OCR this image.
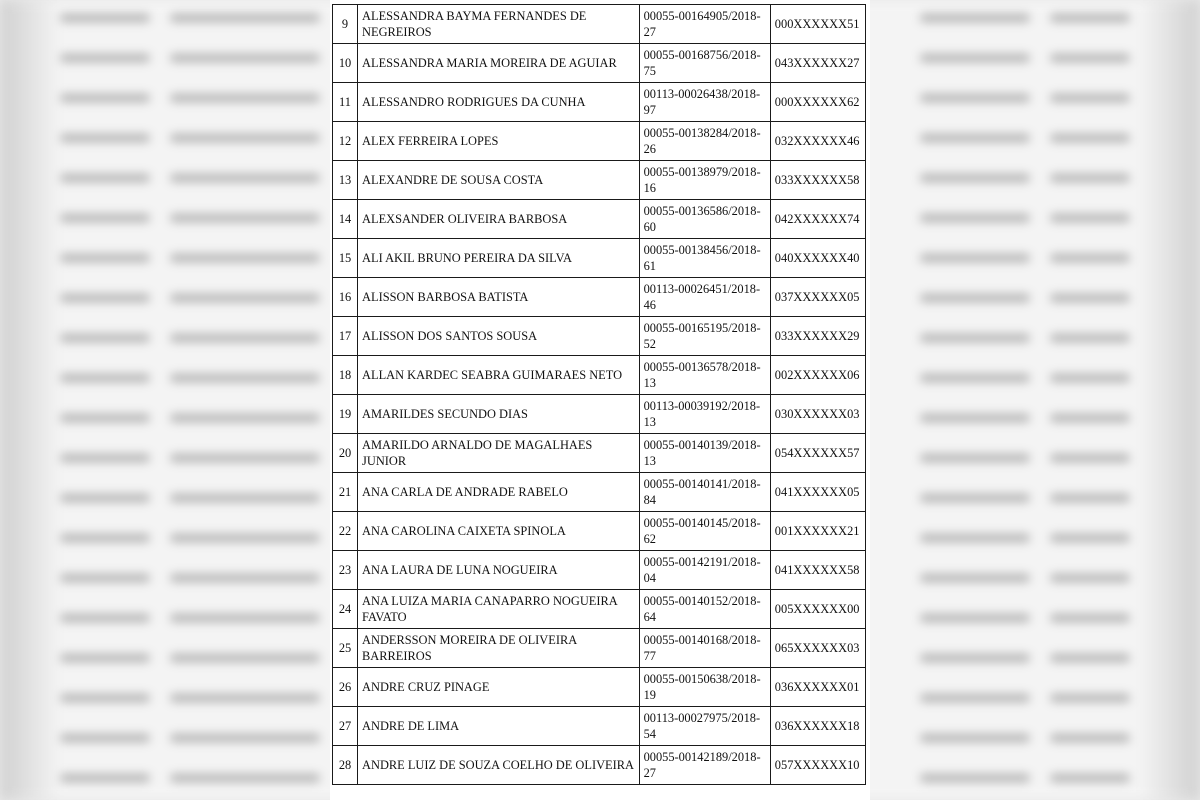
9	ALESSANDRA BAYMA FERNANDES DE NEGREIROS	00055-00164905/2018-27	000XXXXXX51
10	ALESSANDRA MARIA MOREIRA DE AGUIAR	00055-00168756/2018-75	043XXXXXX27
11	ALESSANDRO RODRIGUES DA CUNHA	00113-00026438/2018-97	000XXXXXX62
12	ALEX FERREIRA LOPES	00055-00138284/2018-26	032XXXXXX46
13	ALEXANDRE DE SOUSA COSTA	00055-00138979/2018-16	033XXXXXX58
14	ALEXSANDER OLIVEIRA BARBOSA	00055-00136586/2018-60	042XXXXXX74
15	ALI AKIL BRUNO PEREIRA DA SILVA	00055-00138456/2018-61	040XXXXXX40
16	ALISSON BARBOSA BATISTA	00113-00026451/2018-46	037XXXXXX05
17	ALISSON DOS SANTOS SOUSA	00055-00165195/2018-52	033XXXXXX29
18	ALLAN KARDEC SEABRA GUIMARAES NETO	00055-00136578/2018-13	002XXXXXX06
19	AMARILDES SECUNDO DIAS	00113-00039192/2018-13	030XXXXXX03
20	AMARILDO ARNALDO DE MAGALHAES JUNIOR	00055-00140139/2018-13	054XXXXXX57
21	ANA CARLA DE ANDRADE RABELO	00055-00140141/2018-84	041XXXXXX05
22	ANA CAROLINA CAIXETA SPINOLA	00055-00140145/2018-62	001XXXXXX21
23	ANA LAURA DE LUNA NOGUEIRA	00055-00142191/2018-04	041XXXXXX58
24	ANA LUIZA MARIA CANAPARRO NOGUEIRA FAVATO	00055-00140152/2018-64	005XXXXXX00
25	ANDERSSON MOREIRA DE OLIVEIRA BARREIROS	00055-00140168/2018-77	065XXXXXX03
26	ANDRE CRUZ PINAGE	00055-00150638/2018-19	036XXXXXX01
27	ANDRE DE LIMA	00113-00027975/2018-54	036XXXXXX18
28	ANDRE LUIZ DE SOUZA COELHO DE OLIVEIRA	00055-00142189/2018-27	057XXXXXX10
